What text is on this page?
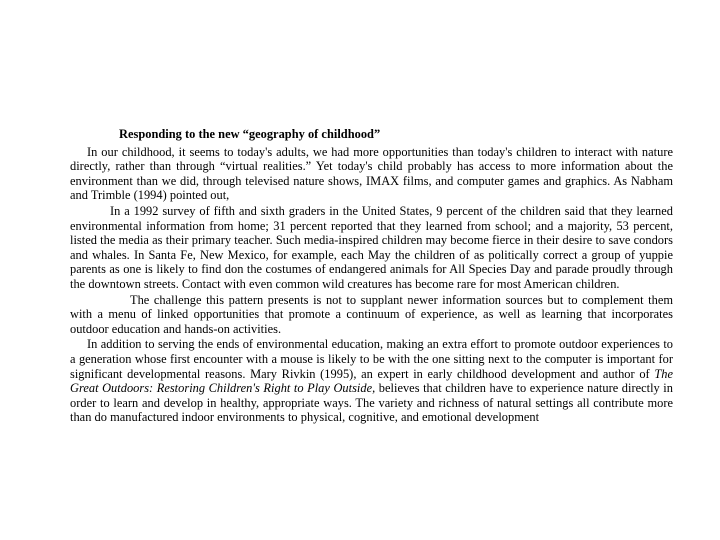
Responding to the new “geography of childhood”

In our childhood, it seems to today's adults, we had more opportunities than today's children to interact with nature directly, rather than through “virtual realities.” Yet today's child probably has access to more information about the environment than we did, through televised nature shows, IMAX films, and computer games and graphics. As Nabham and Trimble (1994) pointed out,

In a 1992 survey of fifth and sixth graders in the United States, 9 percent of the children said that they learned environmental information from home; 31 percent reported that they learned from school; and a majority, 53 percent, listed the media as their primary teacher. Such media-inspired children may become fierce in their desire to save condors and whales. In Santa Fe, New Mexico, for example, each May the children of as politically correct a group of yuppie parents as one is likely to find don the costumes of endangered animals for All Species Day and parade proudly through the downtown streets. Contact with even common wild creatures has become rare for most American children.

The challenge this pattern presents is not to supplant newer information sources but to complement them with a menu of linked opportunities that promote a continuum of experience, as well as learning that incorporates outdoor education and hands-on activities.

In addition to serving the ends of environmental education, making an extra effort to promote outdoor experiences to a generation whose first encounter with a mouse is likely to be with the one sitting next to the computer is important for significant developmental reasons. Mary Rivkin (1995), an expert in early childhood development and author of The Great Outdoors: Restoring Children's Right to Play Outside, believes that children have to experience nature directly in order to learn and develop in healthy, appropriate ways. The variety and richness of natural settings all contribute more than do manufactured indoor environments to physical, cognitive, and emotional development
